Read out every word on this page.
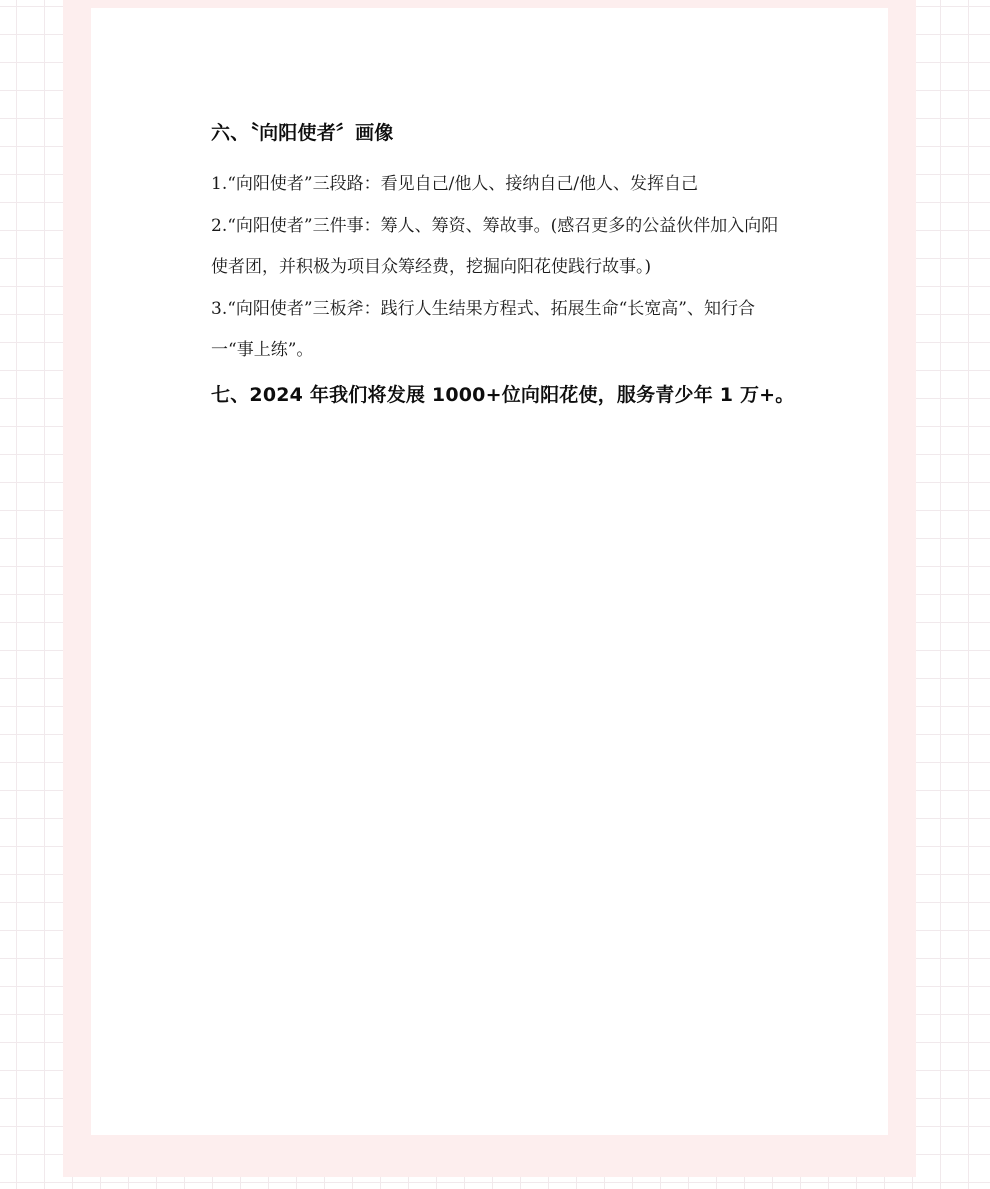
六、〝向阳使者〞画像
1.“向阳使者”三段路：看见自己/他人、接纳自己/他人、发挥自己
2.“向阳使者”三件事：筹人、筹资、筹故事。(感召更多的公益伙伴加入向阳使者团，并积极为项目众筹经费，挖掘向阳花使践行故事。)
3.“向阳使者”三板斧：践行人生结果方程式、拓展生命“长宽高”、知行合一“事上练”。
七、2024 年我们将发展 1000+位向阳花使，服务青少年 1 万+。
